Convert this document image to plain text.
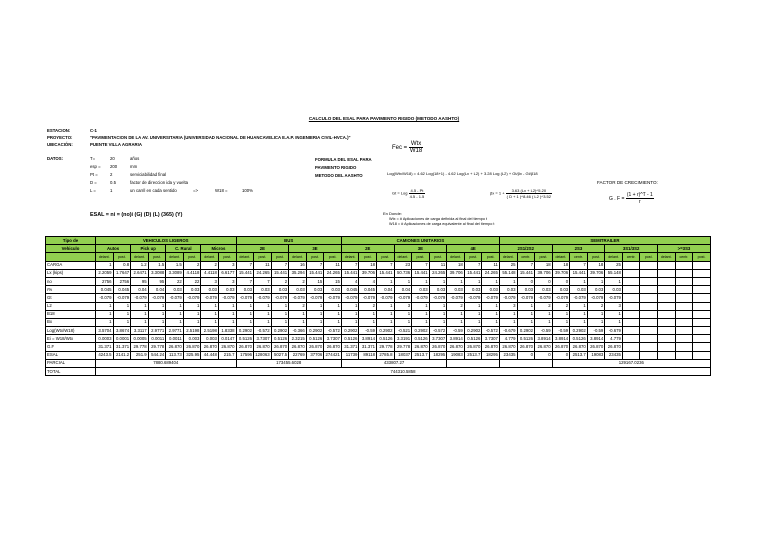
CALCULO DEL ESAL PARA PAVIMENTO RIGIDO (METODO AASHTO)
ESTACION:	C-1
PROYECTO:	"PAVIMENTACION DE LA AV. UNIVERSITARIA (UNIVERSIDAD NACIONAL DE HUANCAVELICA E.A.P. INGENIERIA CIVIL-HVCA.)"
UBICACIÓN:	PUENTE VILLA AGRARIA
DATOS:	T=	20	años
esp = 200	mm
Pt =	2	serviciabilidad final
D =	0.5	factor de direccion ida y vuelta
L =	1	un carril en cada sentido	=>	W18 =	100%
FORMULA DEL ESAL PARA
PAVIMENTO RIGIDO
METODO DEL AASHTO
Fec = $\frac{\text{Wtx}}{W18}$
Log(Wtx/W18) = 4.62 Log(18+1) - 4.62 Log(Lx + L2) + 3.28 Log (L2) + Gt/βx - Gt/β18
Gt = Log $\frac{4.5 - Pt}{4.5 - 1.5}$	$\beta x = 1 + \frac{3.63 (Lx + L2)\^{}5.20}{( D + 1 )\^{}8.46 ( L2 )\^{}3.52}$
FACTOR DE CRECIMIENTO:
G . $F = \frac{(1 + r)\^{}T - 1}{r}$
ESAL = ni = (no)i (G) (D) (L) (365) (Y)	En Donde:
Wtx = # Aplicaciones de carga definida al final del tiempo t
W18 = # Aplicaciones de carga equivalente al final del tiempo t
Tipo de	VEHICULOS LIGEROS								BUS						CAMIONES UNITARIOS									SEMITRAILER											
Vehiculo	Autos		Pick up		C. Rural		Micros		2E			3E			2E			3E			4E			2S1/2S2			2S3			3S1/3S2			>=3S3		
	delant.	post.	delant.	post.	delant.	post.	delant.	post.	delant.	post.	post.	delant.	post.	post.	delant.	post.	post.	delant.	post.	post.	delant.	post.	post.	delant.	centr.	post.	delant.	centr.	post.	delant.	centr.	post.	delant.	centr.	post.
CARGA	1	0.8	1.2	1.5	1.5	2	2	3	7	11	7	16	7	11	7	18	7	23	7	11	18	7	11	25	7	18	18	7	18	25					
Lx (kips)	2.2059	1.7647	2.6471	3.3088	3.3089	4.4118	4.4118	6.6177	15.441	24.265	15.441	35.294	15.441	24.265	15.441	39.706	15.441	50.736	15.441	24.265	39.706	15.441	24.265	55.148	15.441	39.706	39.706	15.441	39.706	55.148					
no	2756	2756	95	95	22	22	3	3	7	7	2	2	15	15	4	4	1	1	1	1	1	1	1	1	0	0	0	1	1	1					
r%	0.045	0.045	0.04	0.04	0.03	0.03	0.03	0.03	0.03	0.03	0.03	0.03	0.03	0.03	0.045	0.045	0.04	0.04	0.03	0.03	0.03	0.03	0.03	0.03	0.03	0.03	0.03	0.03	0.03	0.03					
Gt	-0.079	-0.079	-0.079	-0.079	-0.079	-0.079	-0.079	-0.079	-0.079	-0.079	-0.079	-0.079	-0.079	-0.079	-0.079	-0.079	-0.079	-0.079	-0.079	-0.079	-0.079	-0.079	-0.079	-0.079	-0.079	-0.079	-0.079	-0.079	-0.079	-0.079					
L2	1	1	1	1	1	1	1	1	1	1	1	2	1	1	1	2	1	3	1	1	2	1	1	3	1	2	2	1	2	3					
B18	1	1	1	1	1	1	1	1	1	1	1	1	1	1	1	1	1	1	1	1	1	1	1	1	1	1	1	1	1	1					
Bx	1	1	1	1	1	1	1	1	1	1	1	1	1	1	1	1	1	1	1	1	1	1	1	1	1	1	1	1	1	1					
Log(Wtx/W18)	3.5704	3.8674	3.3117	2.9771	2.9771	2.5198	2.5198	1.8338	0.2902	-0.572	0.2902	-0.366	0.2902	-0.572	0.2902	-0.59	0.2902	-0.521	0.2902	-0.572	-0.59	0.2902	-0.572	-0.679	0.2902	-0.59	-0.59	0.2902	-0.59	-0.679					
Ei = W18/Wtx	0.0003	0.0001	0.0005	0.0011	0.0011	0.003	0.003	0.0147	0.5126	3.7307	0.5126	2.3215	0.5126	3.7307	0.5126	3.8914	0.5126	3.3191	0.5126	3.7307	3.8914	0.5126	3.7307	4.779	0.5126	3.8914	3.8914	0.5126	3.8914	4.779					
G.F	31.371	31.371	29.778	29.778	26.870	26.870	26.870	26.870	26.870	26.870	26.870	26.870	26.870	26.870	31.371	31.371	29.778	29.778	26.870	26.870	26.870	26.870	26.870	26.870	26.870	26.870	26.870	26.870	26.870	26.870					
ESAL	4243.5	2141.2	251.9	544.24	113.73	325.95	44.448	215.7	17596	128063	5027.5	22769	37706	274421	11739	89118	2785.8	18037	2513.7	18295	19083	2513.7	18295	23435	0	0	0	2513.7	19083	23435					
PARCIAL	7880.689404								173455.6028						433807.27												129167.0236								
TOTAL	744310.5858																																		
